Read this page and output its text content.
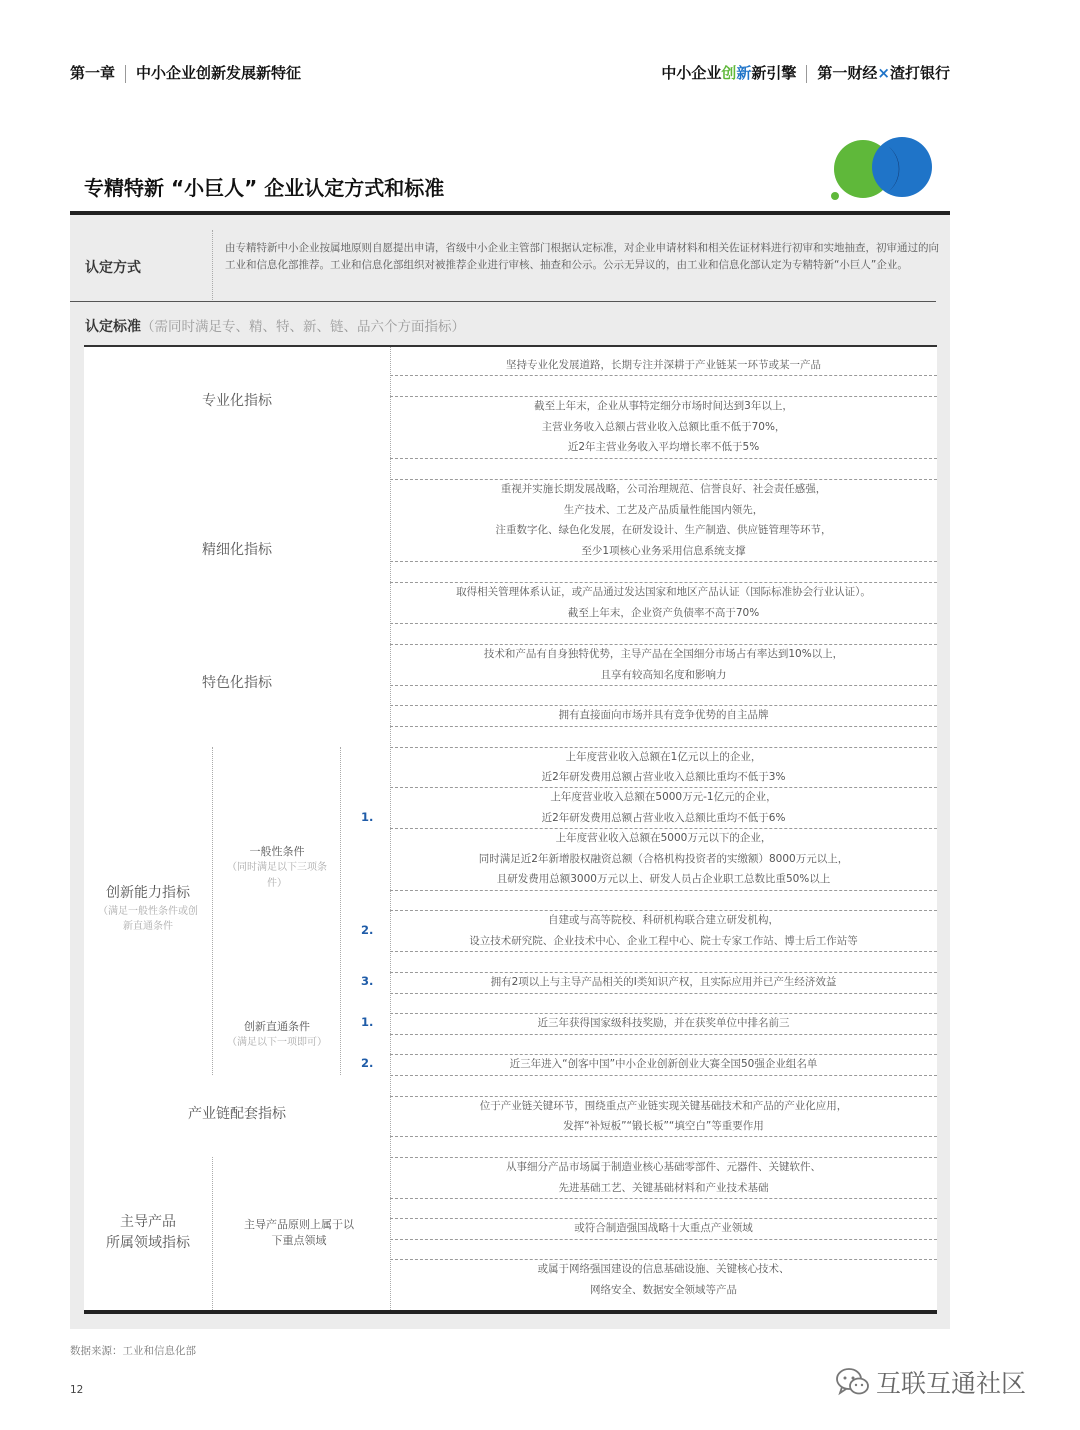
第一章 中小企业创新发展新特征	中小企业创新新引擎 第一财经×渣打银行
专精特新 “小巨人” 企业认定方式和标准
认定方式
由专精特新中小企业按属地原则自愿提出申请，省级中小企业主管部门根据认定标准，对企业申请材料和相关佐证材料进行初审和实地抽查，初审通过的向工业和信息化部推荐。工业和信息化部组织对被推荐企业进行审核、抽查和公示。公示无异议的，由工业和信息化部认定为专精特新“小巨人”企业。
认定标准（需同时满足专、精、特、新、链、品六个方面指标）
专业化指标
精细化指标
特色化指标
创新能力指标
（满足一般性条件或创新直通条件
产业链配套指标
主导产品
所属领域指标
一般性条件
（同时满足以下三项条件）
创新直通条件
（满足以下一项即可）
主导产品原则上属于以下重点领域
1.
2.
3.
1.
2.
坚持专业化发展道路，长期专注并深耕于产业链某一环节或某一产品
截至上年末，企业从事特定细分市场时间达到3年以上，
主营业务收入总额占营业收入总额比重不低于70%，
近2年主营业务收入平均增长率不低于5%
重视并实施长期发展战略，公司治理规范、信誉良好、社会责任感强，
生产技术、工艺及产品质量性能国内领先，
注重数字化、绿色化发展，在研发设计、生产制造、供应链管理等环节，
至少1项核心业务采用信息系统支撑
取得相关管理体系认证，或产品通过发达国家和地区产品认证（国际标准协会行业认证）。
截至上年末，企业资产负债率不高于70%
技术和产品有自身独特优势，主导产品在全国细分市场占有率达到10%以上，
且享有较高知名度和影响力
拥有直接面向市场并具有竞争优势的自主品牌
上年度营业收入总额在1亿元以上的企业，
近2年研发费用总额占营业收入总额比重均不低于3%
上年度营业收入总额在5000万元-1亿元的企业，
近2年研发费用总额占营业收入总额比重均不低于6%
上年度营业收入总额在5000万元以下的企业，
同时满足近2年新增股权融资总额（合格机构投资者的实缴额）8000万元以上，
且研发费用总额3000万元以上、研发人员占企业职工总数比重50%以上
自建或与高等院校、科研机构联合建立研发机构，
设立技术研究院、企业技术中心、企业工程中心、院士专家工作站、博士后工作站等
拥有2项以上与主导产品相关的Ⅰ类知识产权，且实际应用并已产生经济效益
近三年获得国家级科技奖励，并在获奖单位中排名前三
近三年进入“创客中国”中小企业创新创业大赛全国50强企业组名单
位于产业链关键环节，围绕重点产业链实现关键基础技术和产品的产业化应用，
发挥“补短板”“锻长板”“填空白”等重要作用
从事细分产品市场属于制造业核心基础零部件、元器件、关键软件、
先进基础工艺、关键基础材料和产业技术基础
或符合制造强国战略十大重点产业领域
或属于网络强国建设的信息基础设施、关键核心技术、
网络安全、数据安全领域等产品
数据来源：工业和信息化部
12	互联互通社区
